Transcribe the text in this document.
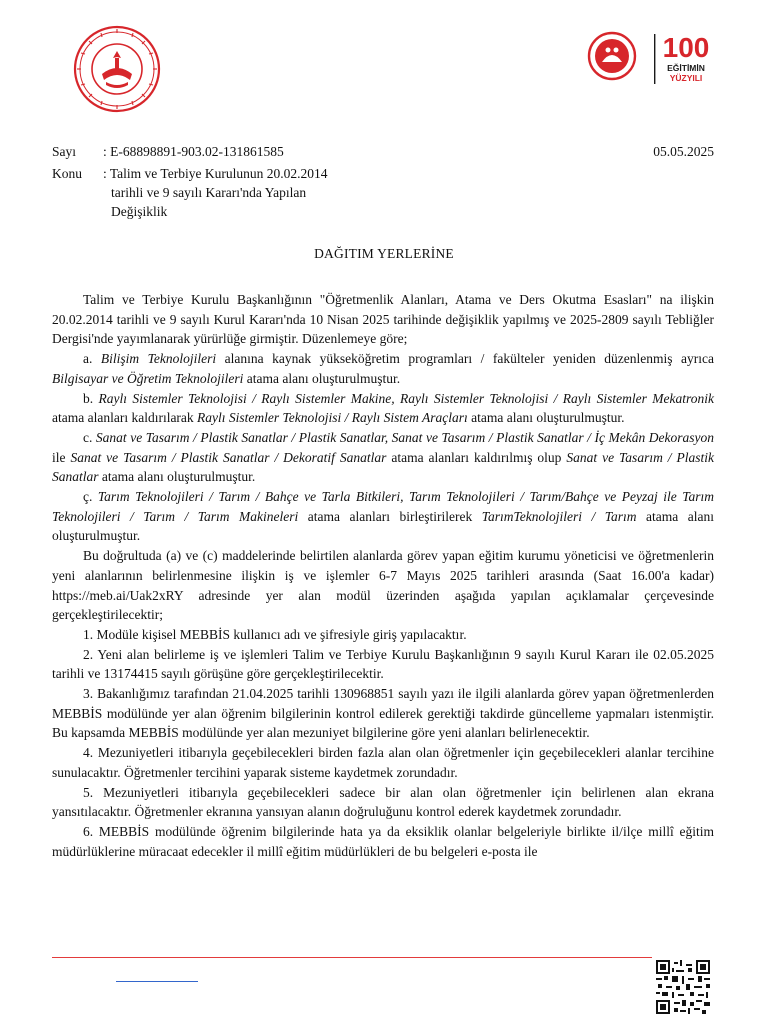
100
EĞİTİMİN
YÜZYILI
Sayı : E-68898891-903.02-131861585	05.05.2025
Konu : Talim ve Terbiye Kurulunun 20.02.2014
tarihli ve 9 sayılı Kararı'nda Yapılan
Değişiklik
DAĞITIM YERLERİNE

Talim ve Terbiye Kurulu Başkanlığının "Öğretmenlik Alanları, Atama ve Ders Okutma Esasları" na ilişkin 20.02.2014 tarihli ve 9 sayılı Kurul Kararı'nda 10 Nisan 2025 tarihinde değişiklik yapılmış ve 2025-2809 sayılı Tebliğler Dergisi'nde yayımlanarak yürürlüğe girmiştir. Düzenlemeye göre;

a. Bilişim Teknolojileri alanına kaynak yükseköğretim programları / fakülteler yeniden düzenlenmiş ayrıca Bilgisayar ve Öğretim Teknolojileri atama alanı oluşturulmuştur.

b. Raylı Sistemler Teknolojisi / Raylı Sistemler Makine, Raylı Sistemler Teknolojisi / Raylı Sistemler Mekatronik atama alanları kaldırılarak Raylı Sistemler Teknolojisi / Raylı Sistem Araçları atama alanı oluşturulmuştur.

c. Sanat ve Tasarım / Plastik Sanatlar / Plastik Sanatlar, Sanat ve Tasarım / Plastik Sanatlar / İç Mekân Dekorasyon ile Sanat ve Tasarım / Plastik Sanatlar / Dekoratif Sanatlar atama alanları kaldırılmış olup Sanat ve Tasarım / Plastik Sanatlar atama alanı oluşturulmuştur.

ç. Tarım Teknolojileri / Tarım / Bahçe ve Tarla Bitkileri, Tarım Teknolojileri / Tarım/Bahçe ve Peyzaj ile Tarım Teknolojileri / Tarım / Tarım Makineleri atama alanları birleştirilerek TarımTeknolojileri / Tarım atama alanı oluşturulmuştur.

Bu doğrultuda (a) ve (c) maddelerinde belirtilen alanlarda görev yapan eğitim kurumu yöneticisi ve öğretmenlerin yeni alanlarının belirlenmesine ilişkin iş ve işlemler 6-7 Mayıs 2025 tarihleri arasında (Saat 16.00'a kadar) https://meb.ai/Uak2xRY adresinde yer alan modül üzerinden aşağıda yapılan açıklamalar çerçevesinde gerçekleştirilecektir;

1. Modüle kişisel MEBBİS kullanıcı adı ve şifresiyle giriş yapılacaktır.

2. Yeni alan belirleme iş ve işlemleri Talim ve Terbiye Kurulu Başkanlığının 9 sayılı Kurul Kararı ile 02.05.2025 tarihli ve 13174415 sayılı görüşüne göre gerçekleştirilecektir.

3. Bakanlığımız tarafından 21.04.2025 tarihli 130968851 sayılı yazı ile ilgili alanlarda görev yapan öğretmenlerden MEBBİS modülünde yer alan öğrenim bilgilerinin kontrol edilerek gerektiği takdirde güncelleme yapmaları istenmiştir. Bu kapsamda MEBBİS modülünde yer alan mezuniyet bilgilerine göre yeni alanları belirlenecektir.

4. Mezuniyetleri itibarıyla geçebilecekleri birden fazla alan olan öğretmenler için geçebilecekleri alanlar tercihine sunulacaktır. Öğretmenler tercihini yaparak sisteme kaydetmek zorundadır.

5. Mezuniyetleri itibarıyla geçebilecekleri sadece bir alan olan öğretmenler için belirlenen alan ekrana yansıtılacaktır. Öğretmenler ekranına yansıyan alanın doğruluğunu kontrol ederek kaydetmek zorundadır.

6. MEBBİS modülünde öğrenim bilgilerinde hata ya da eksiklik olanlar belgeleriyle birlikte il/ilçe millî eğitim müdürlüklerine müracaat edecekler il millî eğitim müdürlükleri de bu belgeleri e-posta ile
